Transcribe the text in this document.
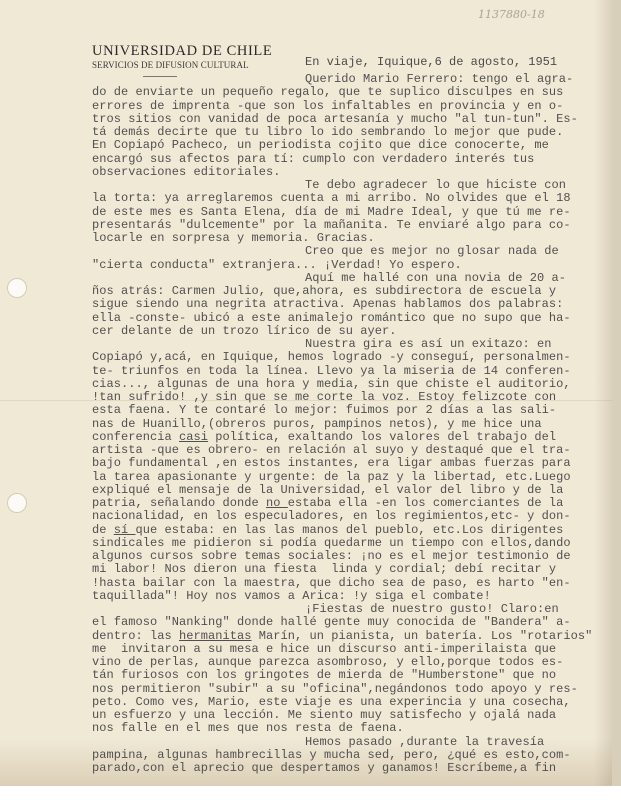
1137880-18
UNIVERSIDAD DE CHILE
SERVICIOS DE DIFUSION CULTURAL	En viaje, Iquique,6 de agosto, 1951
Querido Mario Ferrero: tengo el agra-
do de enviarte un pequeño regalo, que te suplico disculpes en sus
errores de imprenta -que son los infaltables en provincia y en o-
tros sitios con vanidad de poca artesanía y mucho "al tun-tun". Es-
tá demás decirte que tu libro lo ido sembrando lo mejor que pude.
En Copiapó Pacheco, un periodista cojito que dice conocerte, me
encargó sus afectos para tí: cumplo con verdadero interés tus
observaciones editoriales.
Te debo agradecer lo que hiciste con
la torta: ya arreglaremos cuenta a mi arribo. No olvides que el 18
de este mes es Santa Elena, día de mi Madre Ideal, y que tú me re-
presentarás "dulcemente" por la mañanita. Te enviaré algo para co-
locarle en sorpresa y memoria. Gracias.
Creo que es mejor no glosar nada de
"cierta conducta" extranjera... ¡Verdad! Yo espero.
Aquí me hallé con una novia de 20 a-
ños atrás: Carmen Julio, que,ahora, es subdirectora de escuela y
sigue siendo una negrita atractiva. Apenas hablamos dos palabras:
ella -conste- ubicó a este animalejo romántico que no supo que ha-
cer delante de un trozo lírico de su ayer.
Nuestra gira es así un exitazo: en
Copiapó y,acá, en Iquique, hemos logrado -y conseguí, personalmen-
te- triunfos en toda la línea. Llevo ya la miseria de 14 conferen-
cias..., algunas de una hora y media, sin que chiste el auditorio,
!tan sufrido! ,y sin que se me corte la voz. Estoy felizcote con
esta faena. Y te contaré lo mejor: fuimos por 2 días a las sali-
nas de Huanillo,(obreros puros, pampinos netos), y me hice una
conferencia casi política, exaltando los valores del trabajo del
artista -que es obrero- en relación al suyo y destaqué que el tra-
bajo fundamental ,en estos instantes, era ligar ambas fuerzas para
la tarea apasionante y urgente: de la paz y la libertad, etc.Luego
expliqué el mensaje de la Universidad, el valor del libro y de la
patria, señalando donde no estaba ella -en los comerciantes de la
nacionalidad, en los especuladores, en los regimientos,etc- y don-
de sí que estaba: en las las manos del pueblo, etc.Los dirigentes
sindicales me pidieron si podía quedarme un tiempo con ellos,dando
algunos cursos sobre temas sociales: ¡no es el mejor testimonio de
mi labor! Nos dieron una fiesta  linda y cordial; debí recitar y
!hasta bailar con la maestra, que dicho sea de paso, es harto "en-
taquillada"! Hoy nos vamos a Arica: !y siga el combate!
¡Fiestas de nuestro gusto! Claro:en
el famoso "Nanking" donde hallé gente muy conocida de "Bandera" a-
dentro: las hermanitas Marín, un pianista, un batería. Los "rotarios"
me  invitaron a su mesa e hice un discurso anti-imperilaista que
vino de perlas, aunque parezca asombroso, y ello,porque todos es-
tán furiosos con los gringotes de mierda de "Humberstone" que no
nos permitieron "subir" a su "oficina",negándonos todo apoyo y res-
peto. Como ves, Mario, este viaje es una experincia y una cosecha,
un esfuerzo y una lección. Me siento muy satisfecho y ojalá nada
nos falle en el mes que nos resta de faena.
Hemos pasado ,durante la travesía
pampina, algunas hambrecillas y mucha sed, pero, ¿qué es esto,com-
parado,con el aprecio que despertamos y ganamos! Escríbeme,a fin
